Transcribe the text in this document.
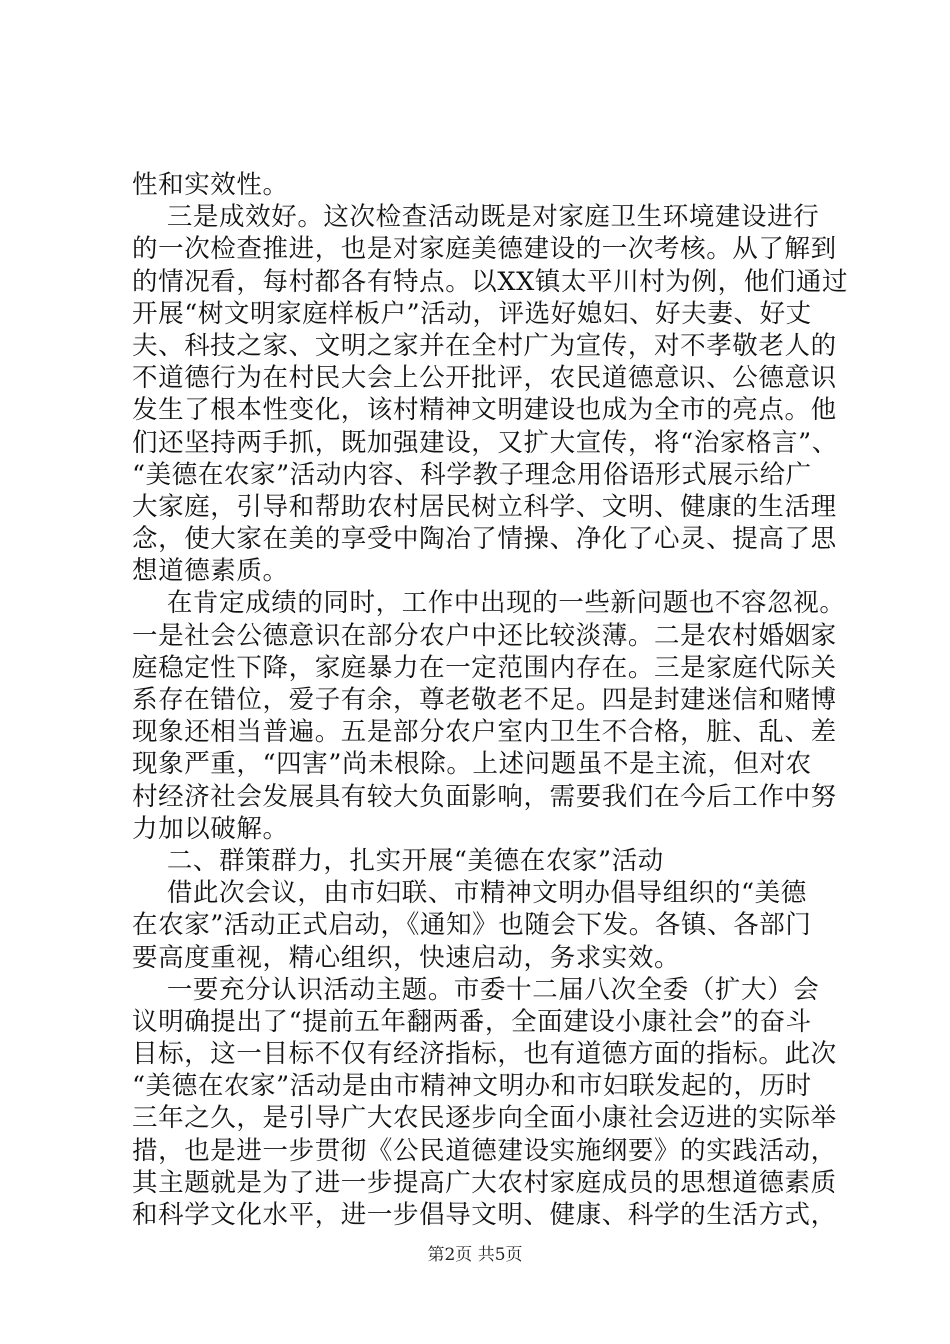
性和实效性。
三是成效好。这次检查活动既是对家庭卫生环境建设进行
的一次检查推进，也是对家庭美德建设的一次考核。从了解到
的情况看，每村都各有特点。以XX镇太平川村为例，他们通过
开展“树文明家庭样板户”活动，评选好媳妇、好夫妻、好丈
夫、科技之家、文明之家并在全村广为宣传，对不孝敬老人的
不道德行为在村民大会上公开批评，农民道德意识、公德意识
发生了根本性变化，该村精神文明建设也成为全市的亮点。他
们还坚持两手抓，既加强建设，又扩大宣传，将“治家格言”、
“美德在农家”活动内容、科学教子理念用俗语形式展示给广
大家庭，引导和帮助农村居民树立科学、文明、健康的生活理
念，使大家在美的享受中陶冶了情操、净化了心灵、提高了思
想道德素质。
在肯定成绩的同时，工作中出现的一些新问题也不容忽视。
一是社会公德意识在部分农户中还比较淡薄。二是农村婚姻家
庭稳定性下降，家庭暴力在一定范围内存在。三是家庭代际关
系存在错位，爱子有余，尊老敬老不足。四是封建迷信和赌博
现象还相当普遍。五是部分农户室内卫生不合格，脏、乱、差
现象严重，“四害”尚未根除。上述问题虽不是主流，但对农
村经济社会发展具有较大负面影响，需要我们在今后工作中努
力加以破解。
二、群策群力，扎实开展“美德在农家”活动
借此次会议，由市妇联、市精神文明办倡导组织的“美德
在农家”活动正式启动，《通知》也随会下发。各镇、各部门
要高度重视，精心组织，快速启动，务求实效。
一要充分认识活动主题。市委十二届八次全委（扩大）会
议明确提出了“提前五年翻两番，全面建设小康社会”的奋斗
目标，这一目标不仅有经济指标，也有道德方面的指标。此次
“美德在农家”活动是由市精神文明办和市妇联发起的，历时
三年之久，是引导广大农民逐步向全面小康社会迈进的实际举
措，也是进一步贯彻《公民道德建设实施纲要》的实践活动，
其主题就是为了进一步提高广大农村家庭成员的思想道德素质
和科学文化水平，进一步倡导文明、健康、科学的生活方式，
第2页 共5页
